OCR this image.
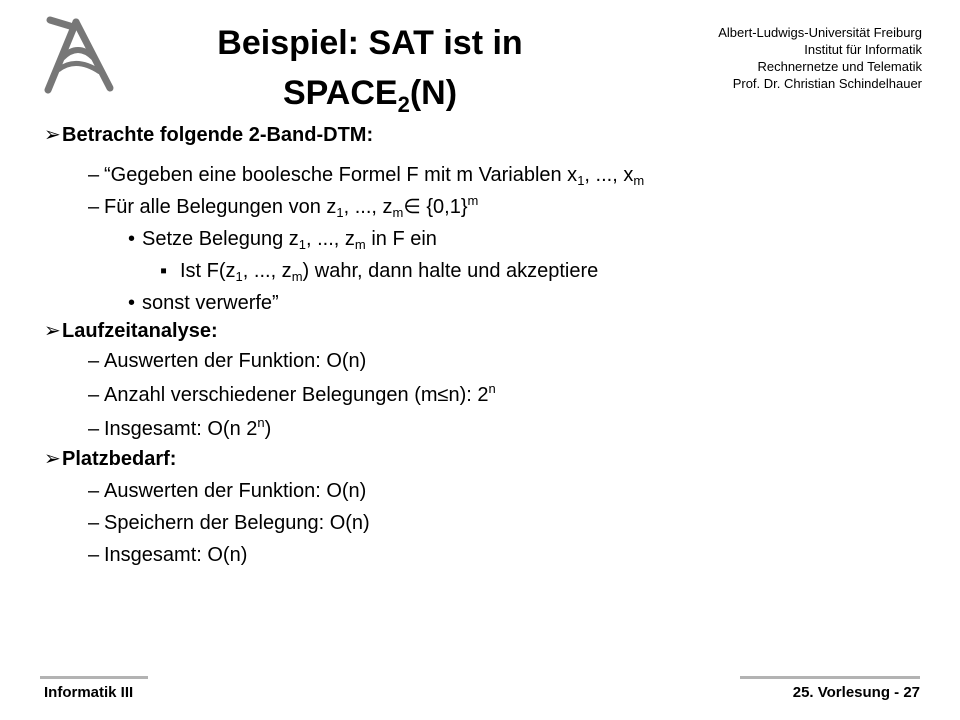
Beispiel: SAT ist in
$SPACE_2(N)$
Albert-Ludwigs-Universität Freiburg
Institut für Informatik
Rechnernetze und Telematik
Prof. Dr. Christian Schindelhauer
➢Betrachte folgende 2-Band-DTM:
– “Gegeben eine boolesche Formel F mit m Variablen $x_1$, ..., $x_m$
– Für alle Belegungen von $z_1$, ..., $z_m\in$ $\{0,1\}^m$
• Setze Belegung $z_1$, ..., $z_m$ in F ein
▪ Ist $F(z_1$, ..., $z_m$) wahr, dann halte und akzeptiere
• sonst verwerfe”
➢Laufzeitanalyse:
– Auswerten der Funktion: O(n)
– Anzahl verschiedener Belegungen (m≤n): 2$^n$
– Insgesamt: O(n 2$^n$)
➢Platzbedarf:
– Auswerten der Funktion: O(n)
– Speichern der Belegung: O(n)
– Insgesamt: O(n)
Informatik III	25. Vorlesung - 27
